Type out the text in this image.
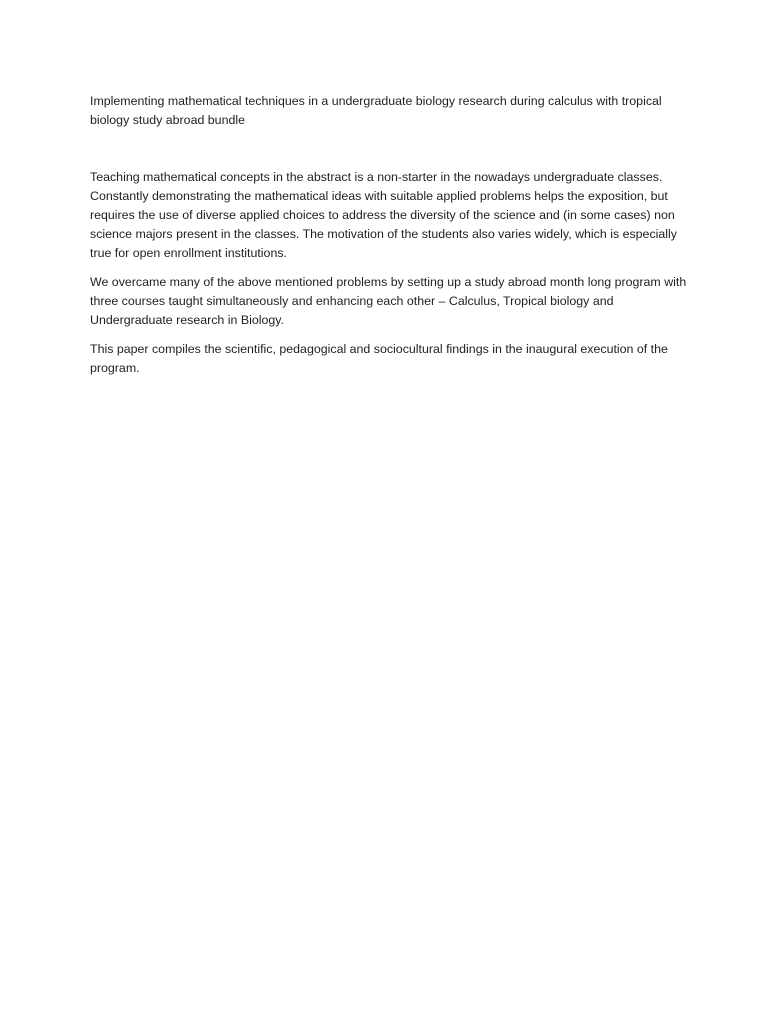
Implementing mathematical techniques in a undergraduate biology research during calculus with tropical biology study abroad bundle

Teaching mathematical concepts in the abstract is a non-starter in the nowadays undergraduate classes. Constantly demonstrating the mathematical ideas with suitable applied problems helps the exposition, but requires the use of diverse applied choices to address the diversity of the science and (in some cases) non science majors present in the classes. The motivation of the students also varies widely, which is especially true for open enrollment institutions.

We overcame many of the above mentioned problems by setting up a study abroad month long program with three courses taught simultaneously and enhancing each other – Calculus, Tropical biology and Undergraduate research in Biology.

This paper compiles the scientific, pedagogical and sociocultural findings in the inaugural execution of the program.
